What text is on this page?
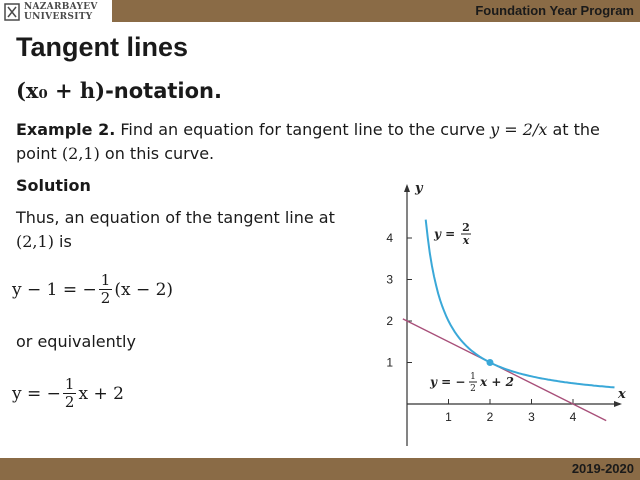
NAZARBAYEV
UNIVERSITY	Foundation Year Program
Tangent lines
(x₀ + h) -notation.
Example 2. Find an equation for tangent line to the curve y = 2/x at the point (2,1) on this curve.
Solution
Thus, an equation of the tangent line at (2,1) is
y − 1 = − $\frac{1}{2} (x - 2)$
or equivalently
y = − $\frac{1}{2}$ x + 2	x
y
1	2	3	4
1
2
3
4	y = 2
x
y = − 1
2 x + 2
2019-2020
